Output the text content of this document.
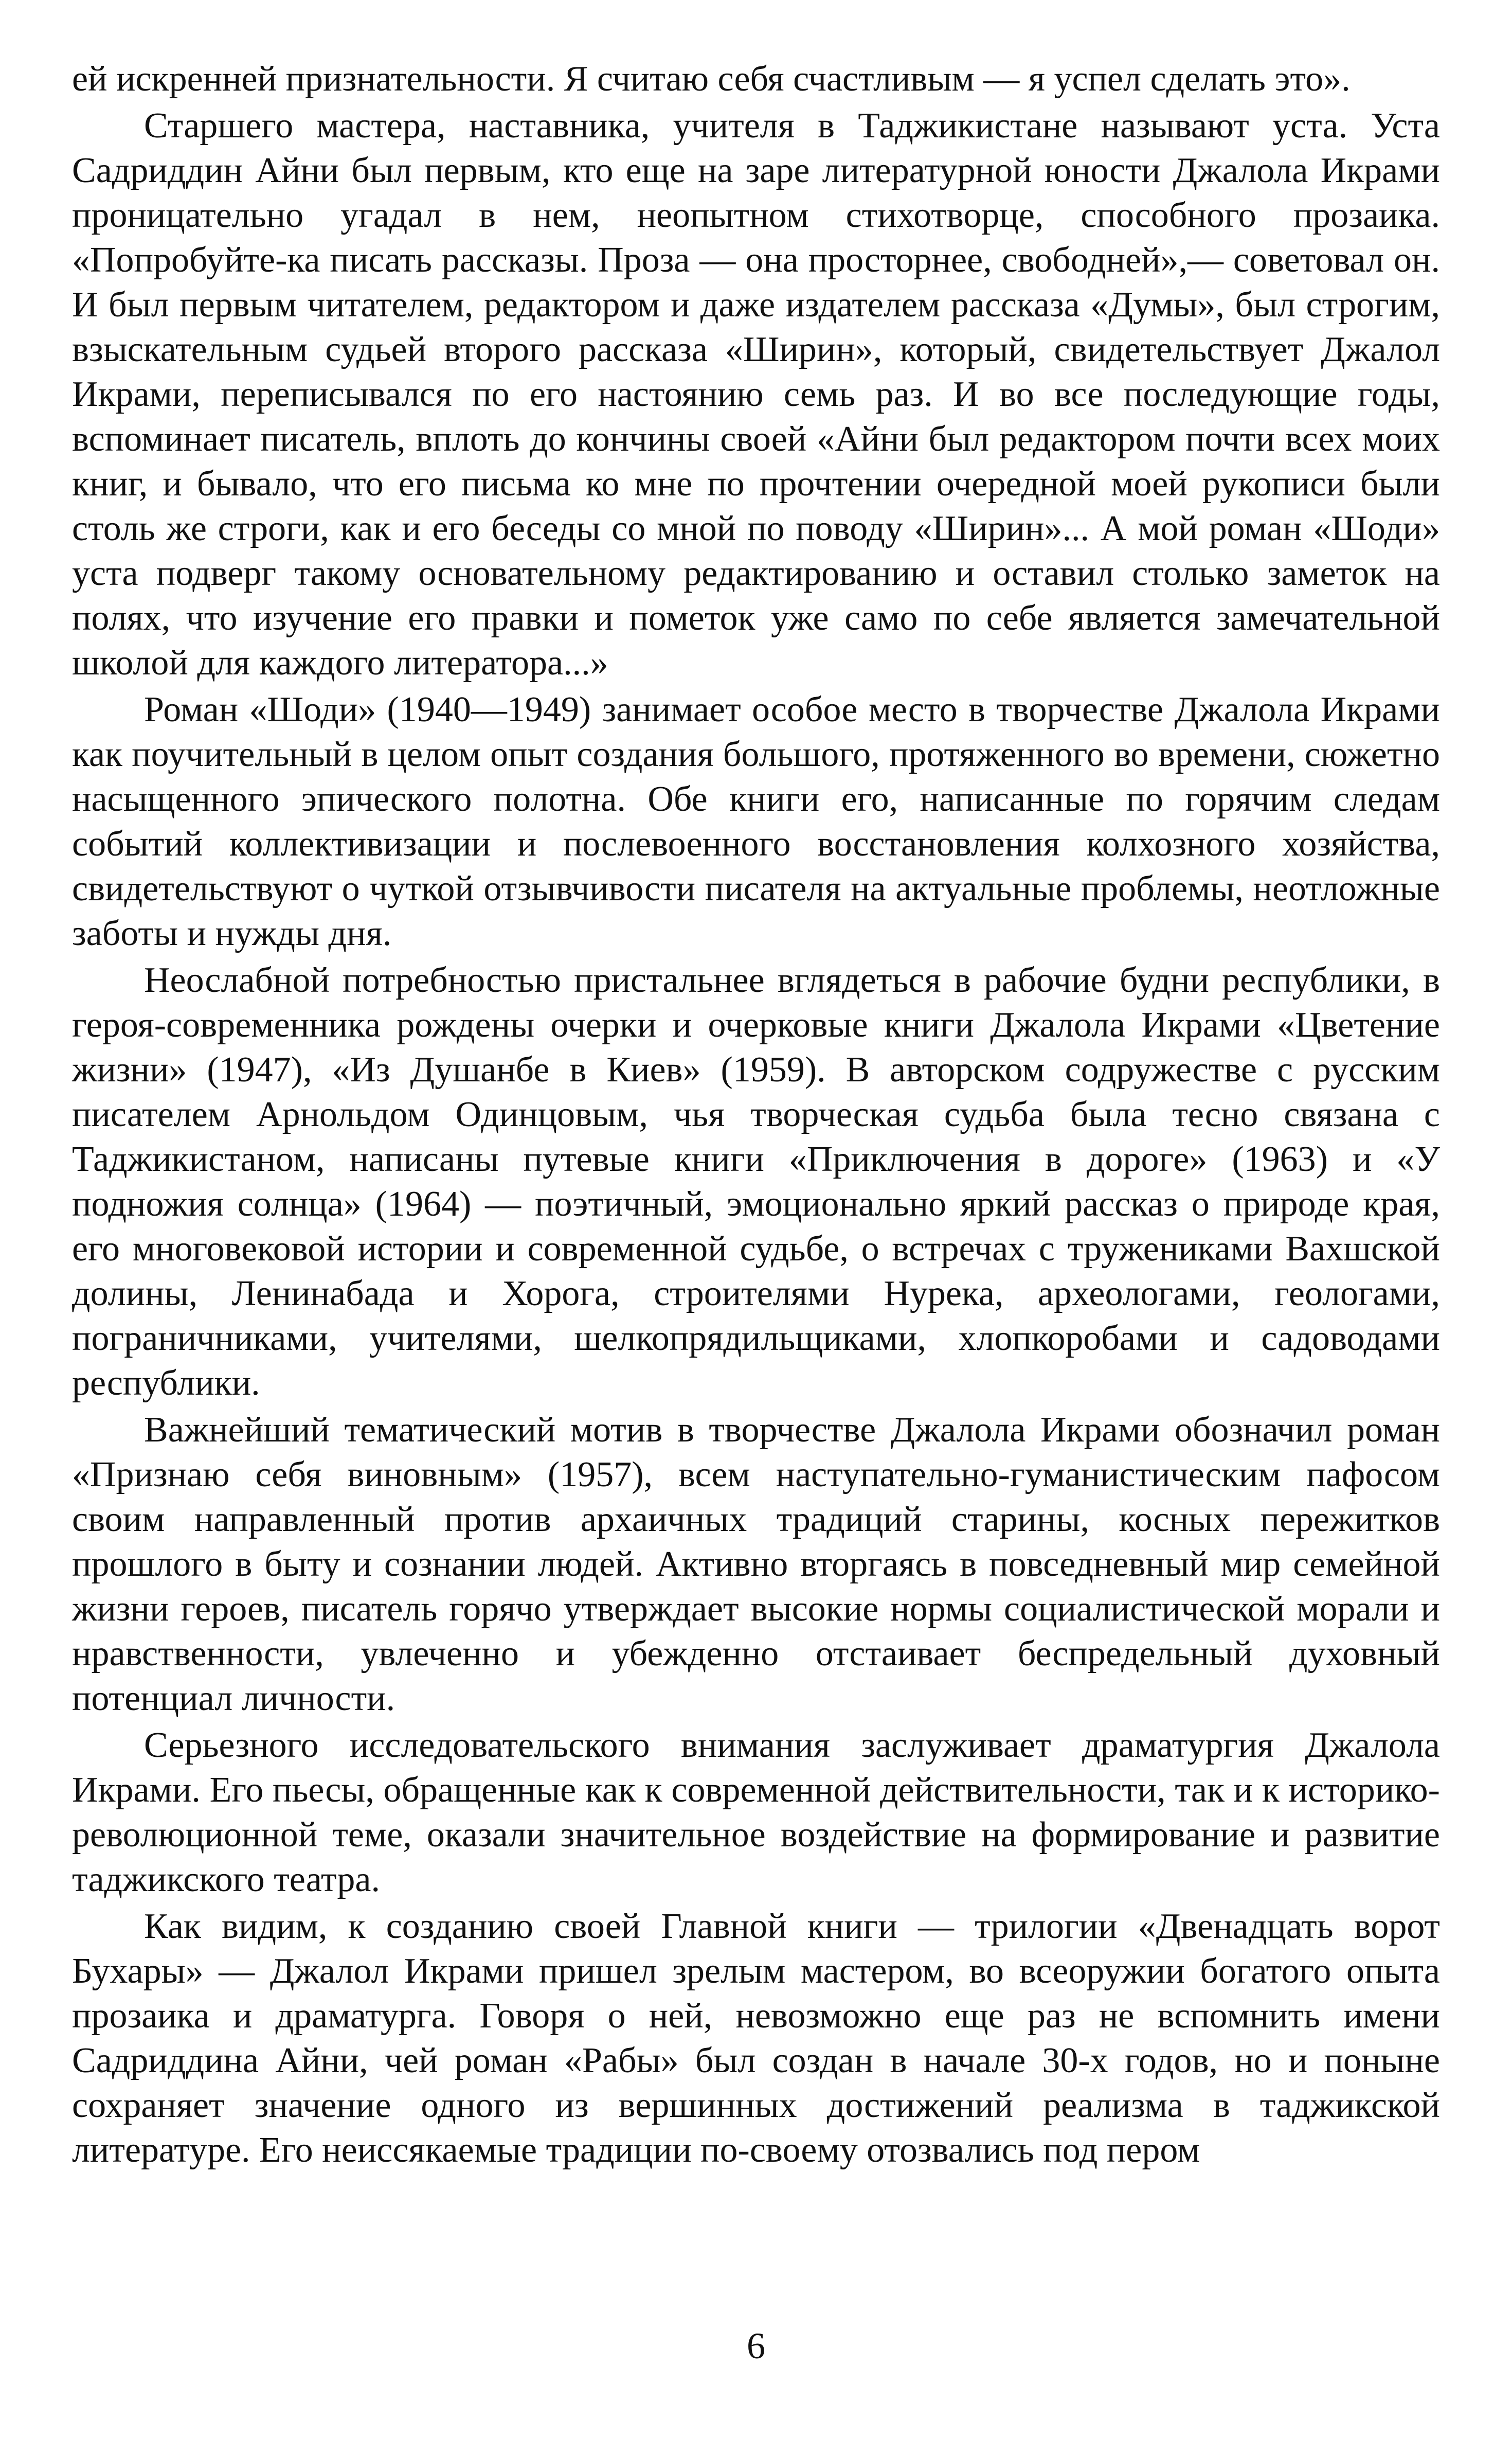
ей искренней признательности. Я считаю себя счастливым — я успел сделать это».

Старшего мастера, наставника, учителя в Таджикистане называют уста. Уста Садриддин Айни был первым, кто еще на заре литературной юности Джалола Икрами проницательно угадал в нем, неопытном стихотворце, способного прозаика. «Попробуйте-ка писать рассказы. Проза — она просторнее, свободней»,— советовал он. И был первым читателем, редактором и даже издателем рассказа «Думы», был строгим, взыскательным судьей второго рассказа «Ширин», который, свидетельствует Джалол Икрами, переписывался по его настоянию семь раз. И во все последующие годы, вспоминает писатель, вплоть до кончины своей «Айни был редактором почти всех моих книг, и бывало, что его письма ко мне по прочтении очередной моей рукописи были столь же строги, как и его беседы со мной по поводу «Ширин»... А мой роман «Шоди» уста подверг такому основательному редактированию и оставил столько заметок на полях, что изучение его правки и пометок уже само по себе является замечательной школой для каждого литератора...»

Роман «Шоди» (1940—1949) занимает особое место в творчестве Джалола Икрами как поучительный в целом опыт создания большого, протяженного во времени, сюжетно насыщенного эпического полотна. Обе книги его, написанные по горячим следам событий коллективизации и послевоенного восстановления колхозного хозяйства, свидетельствуют о чуткой отзывчивости писателя на актуальные проблемы, неотложные заботы и нужды дня.

Неослабной потребностью пристальнее вглядеться в рабочие будни республики, в героя-современника рождены очерки и очерковые книги Джалола Икрами «Цветение жизни» (1947), «Из Душанбе в Киев» (1959). В авторском содружестве с русским писателем Арнольдом Одинцовым, чья творческая судьба была тесно связана с Таджикистаном, написаны путевые книги «Приключения в дороге» (1963) и «У подножия солнца» (1964) — поэтичный, эмоционально яркий рассказ о природе края, его многовековой истории и современной судьбе, о встречах с тружениками Вахшской долины, Ленинабада и Хорога, строителями Нурека, археологами, геологами, пограничниками, учителями, шелкопрядильщиками, хлопкоробами и садоводами республики.

Важнейший тематический мотив в творчестве Джалола Икрами обозначил роман «Признаю себя виновным» (1957), всем наступательно-гуманистическим пафосом своим направленный против архаичных традиций старины, косных пережитков прошлого в быту и сознании людей. Активно вторгаясь в повседневный мир семейной жизни героев, писатель горячо утверждает высокие нормы социалистической морали и нравственности, увлеченно и убежденно отстаивает беспредельный духовный потенциал личности.

Серьезного исследовательского внимания заслуживает драматургия Джалола Икрами. Его пьесы, обращенные как к современной действительности, так и к историко-революционной теме, оказали значительное воздействие на формирование и развитие таджикского театра.

Как видим, к созданию своей Главной книги — трилогии «Двенадцать ворот Бухары» — Джалол Икрами пришел зрелым мастером, во всеоружии богатого опыта прозаика и драматурга. Говоря о ней, невозможно еще раз не вспомнить имени Садриддина Айни, чей роман «Рабы» был создан в начале 30-х годов, но и поныне сохраняет значение одного из вершинных достижений реализма в таджикской литературе. Его неиссякаемые традиции по-своему отозвались под пером

6
